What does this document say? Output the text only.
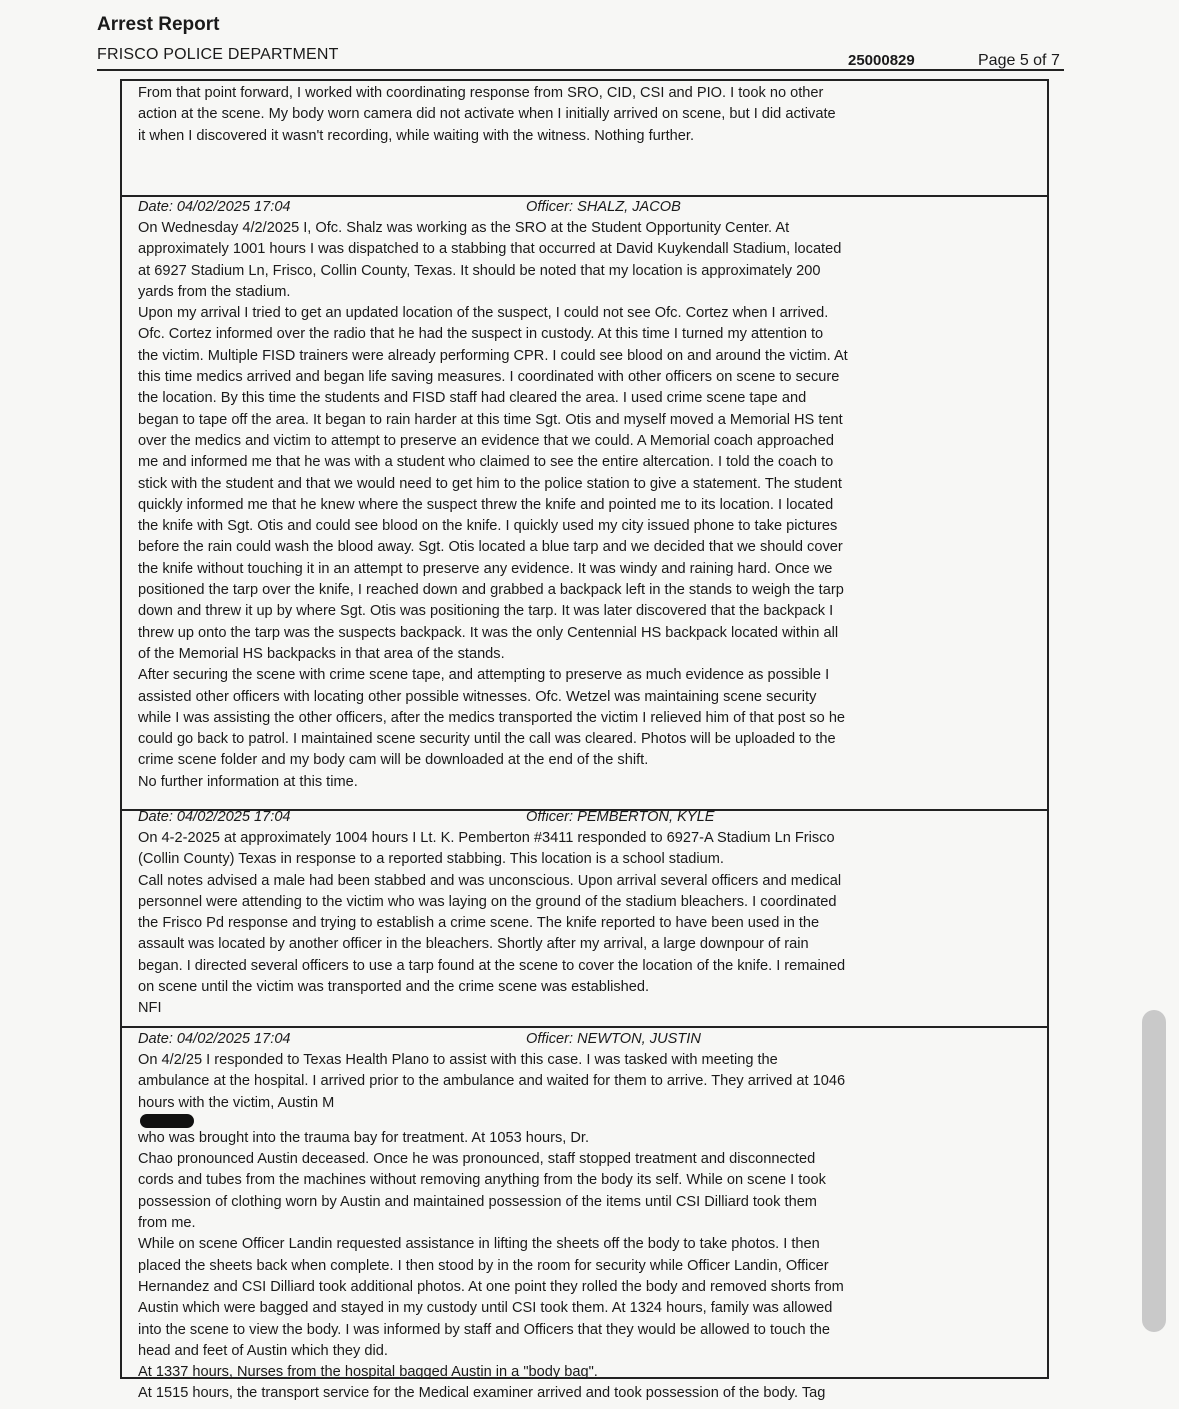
Arrest Report
FRISCO POLICE DEPARTMENT	25000829	Page 5 of 7
From that point forward, I worked with coordinating response from SRO, CID, CSI and PIO. I took no other
action at the scene. My body worn camera did not activate when I initially arrived on scene, but I did activate
it when I discovered it wasn't recording, while waiting with the witness. Nothing further.
Date: 04/02/2025 17:04	Officer: SHALZ, JACOB
On Wednesday 4/2/2025 I, Ofc. Shalz was working as the SRO at the Student Opportunity Center. At
approximately 1001 hours I was dispatched to a stabbing that occurred at David Kuykendall Stadium, located
at 6927 Stadium Ln, Frisco, Collin County, Texas. It should be noted that my location is approximately 200
yards from the stadium.
Upon my arrival I tried to get an updated location of the suspect, I could not see Ofc. Cortez when I arrived.
Ofc. Cortez informed over the radio that he had the suspect in custody. At this time I turned my attention to
the victim. Multiple FISD trainers were already performing CPR. I could see blood on and around the victim. At
this time medics arrived and began life saving measures. I coordinated with other officers on scene to secure
the location. By this time the students and FISD staff had cleared the area. I used crime scene tape and
began to tape off the area. It began to rain harder at this time Sgt. Otis and myself moved a Memorial HS tent
over the medics and victim to attempt to preserve an evidence that we could. A Memorial coach approached
me and informed me that he was with a student who claimed to see the entire altercation. I told the coach to
stick with the student and that we would need to get him to the police station to give a statement. The student
quickly informed me that he knew where the suspect threw the knife and pointed me to its location. I located
the knife with Sgt. Otis and could see blood on the knife. I quickly used my city issued phone to take pictures
before the rain could wash the blood away. Sgt. Otis located a blue tarp and we decided that we should cover
the knife without touching it in an attempt to preserve any evidence. It was windy and raining hard. Once we
positioned the tarp over the knife, I reached down and grabbed a backpack left in the stands to weigh the tarp
down and threw it up by where Sgt. Otis was positioning the tarp. It was later discovered that the backpack I
threw up onto the tarp was the suspects backpack. It was the only Centennial HS backpack located within all
of the Memorial HS backpacks in that area of the stands.
After securing the scene with crime scene tape, and attempting to preserve as much evidence as possible I
assisted other officers with locating other possible witnesses. Ofc. Wetzel was maintaining scene security
while I was assisting the other officers, after the medics transported the victim I relieved him of that post so he
could go back to patrol. I maintained scene security until the call was cleared. Photos will be uploaded to the
crime scene folder and my body cam will be downloaded at the end of the shift.
No further information at this time.
Date: 04/02/2025 17:04	Officer: PEMBERTON, KYLE
On 4-2-2025 at approximately 1004 hours I Lt. K. Pemberton #3411 responded to 6927-A Stadium Ln Frisco
(Collin County) Texas in response to a reported stabbing. This location is a school stadium.
Call notes advised a male had been stabbed and was unconscious. Upon arrival several officers and medical
personnel were attending to the victim who was laying on the ground of the stadium bleachers. I coordinated
the Frisco Pd response and trying to establish a crime scene. The knife reported to have been used in the
assault was located by another officer in the bleachers. Shortly after my arrival, a large downpour of rain
began. I directed several officers to use a tarp found at the scene to cover the location of the knife. I remained
on scene until the victim was transported and the crime scene was established.
NFI
Date: 04/02/2025 17:04	Officer: NEWTON, JUSTIN
On 4/2/25 I responded to Texas Health Plano to assist with this case. I was tasked with meeting the
ambulance at the hospital. I arrived prior to the ambulance and waited for them to arrive. They arrived at 1046
hours with the victim, Austin M
who was brought into the trauma bay for treatment. At 1053 hours, Dr.
Chao pronounced Austin deceased. Once he was pronounced, staff stopped treatment and disconnected
cords and tubes from the machines without removing anything from the body its self. While on scene I took
possession of clothing worn by Austin and maintained possession of the items until CSI Dilliard took them
from me.
While on scene Officer Landin requested assistance in lifting the sheets off the body to take photos. I then
placed the sheets back when complete. I then stood by in the room for security while Officer Landin, Officer
Hernandez and CSI Dilliard took additional photos. At one point they rolled the body and removed shorts from
Austin which were bagged and stayed in my custody until CSI took them. At 1324 hours, family was allowed
into the scene to view the body. I was informed by staff and Officers that they would be allowed to touch the
head and feet of Austin which they did.
At 1337 hours, Nurses from the hospital bagged Austin in a "body bag".
At 1515 hours, the transport service for the Medical examiner arrived and took possession of the body. Tag
